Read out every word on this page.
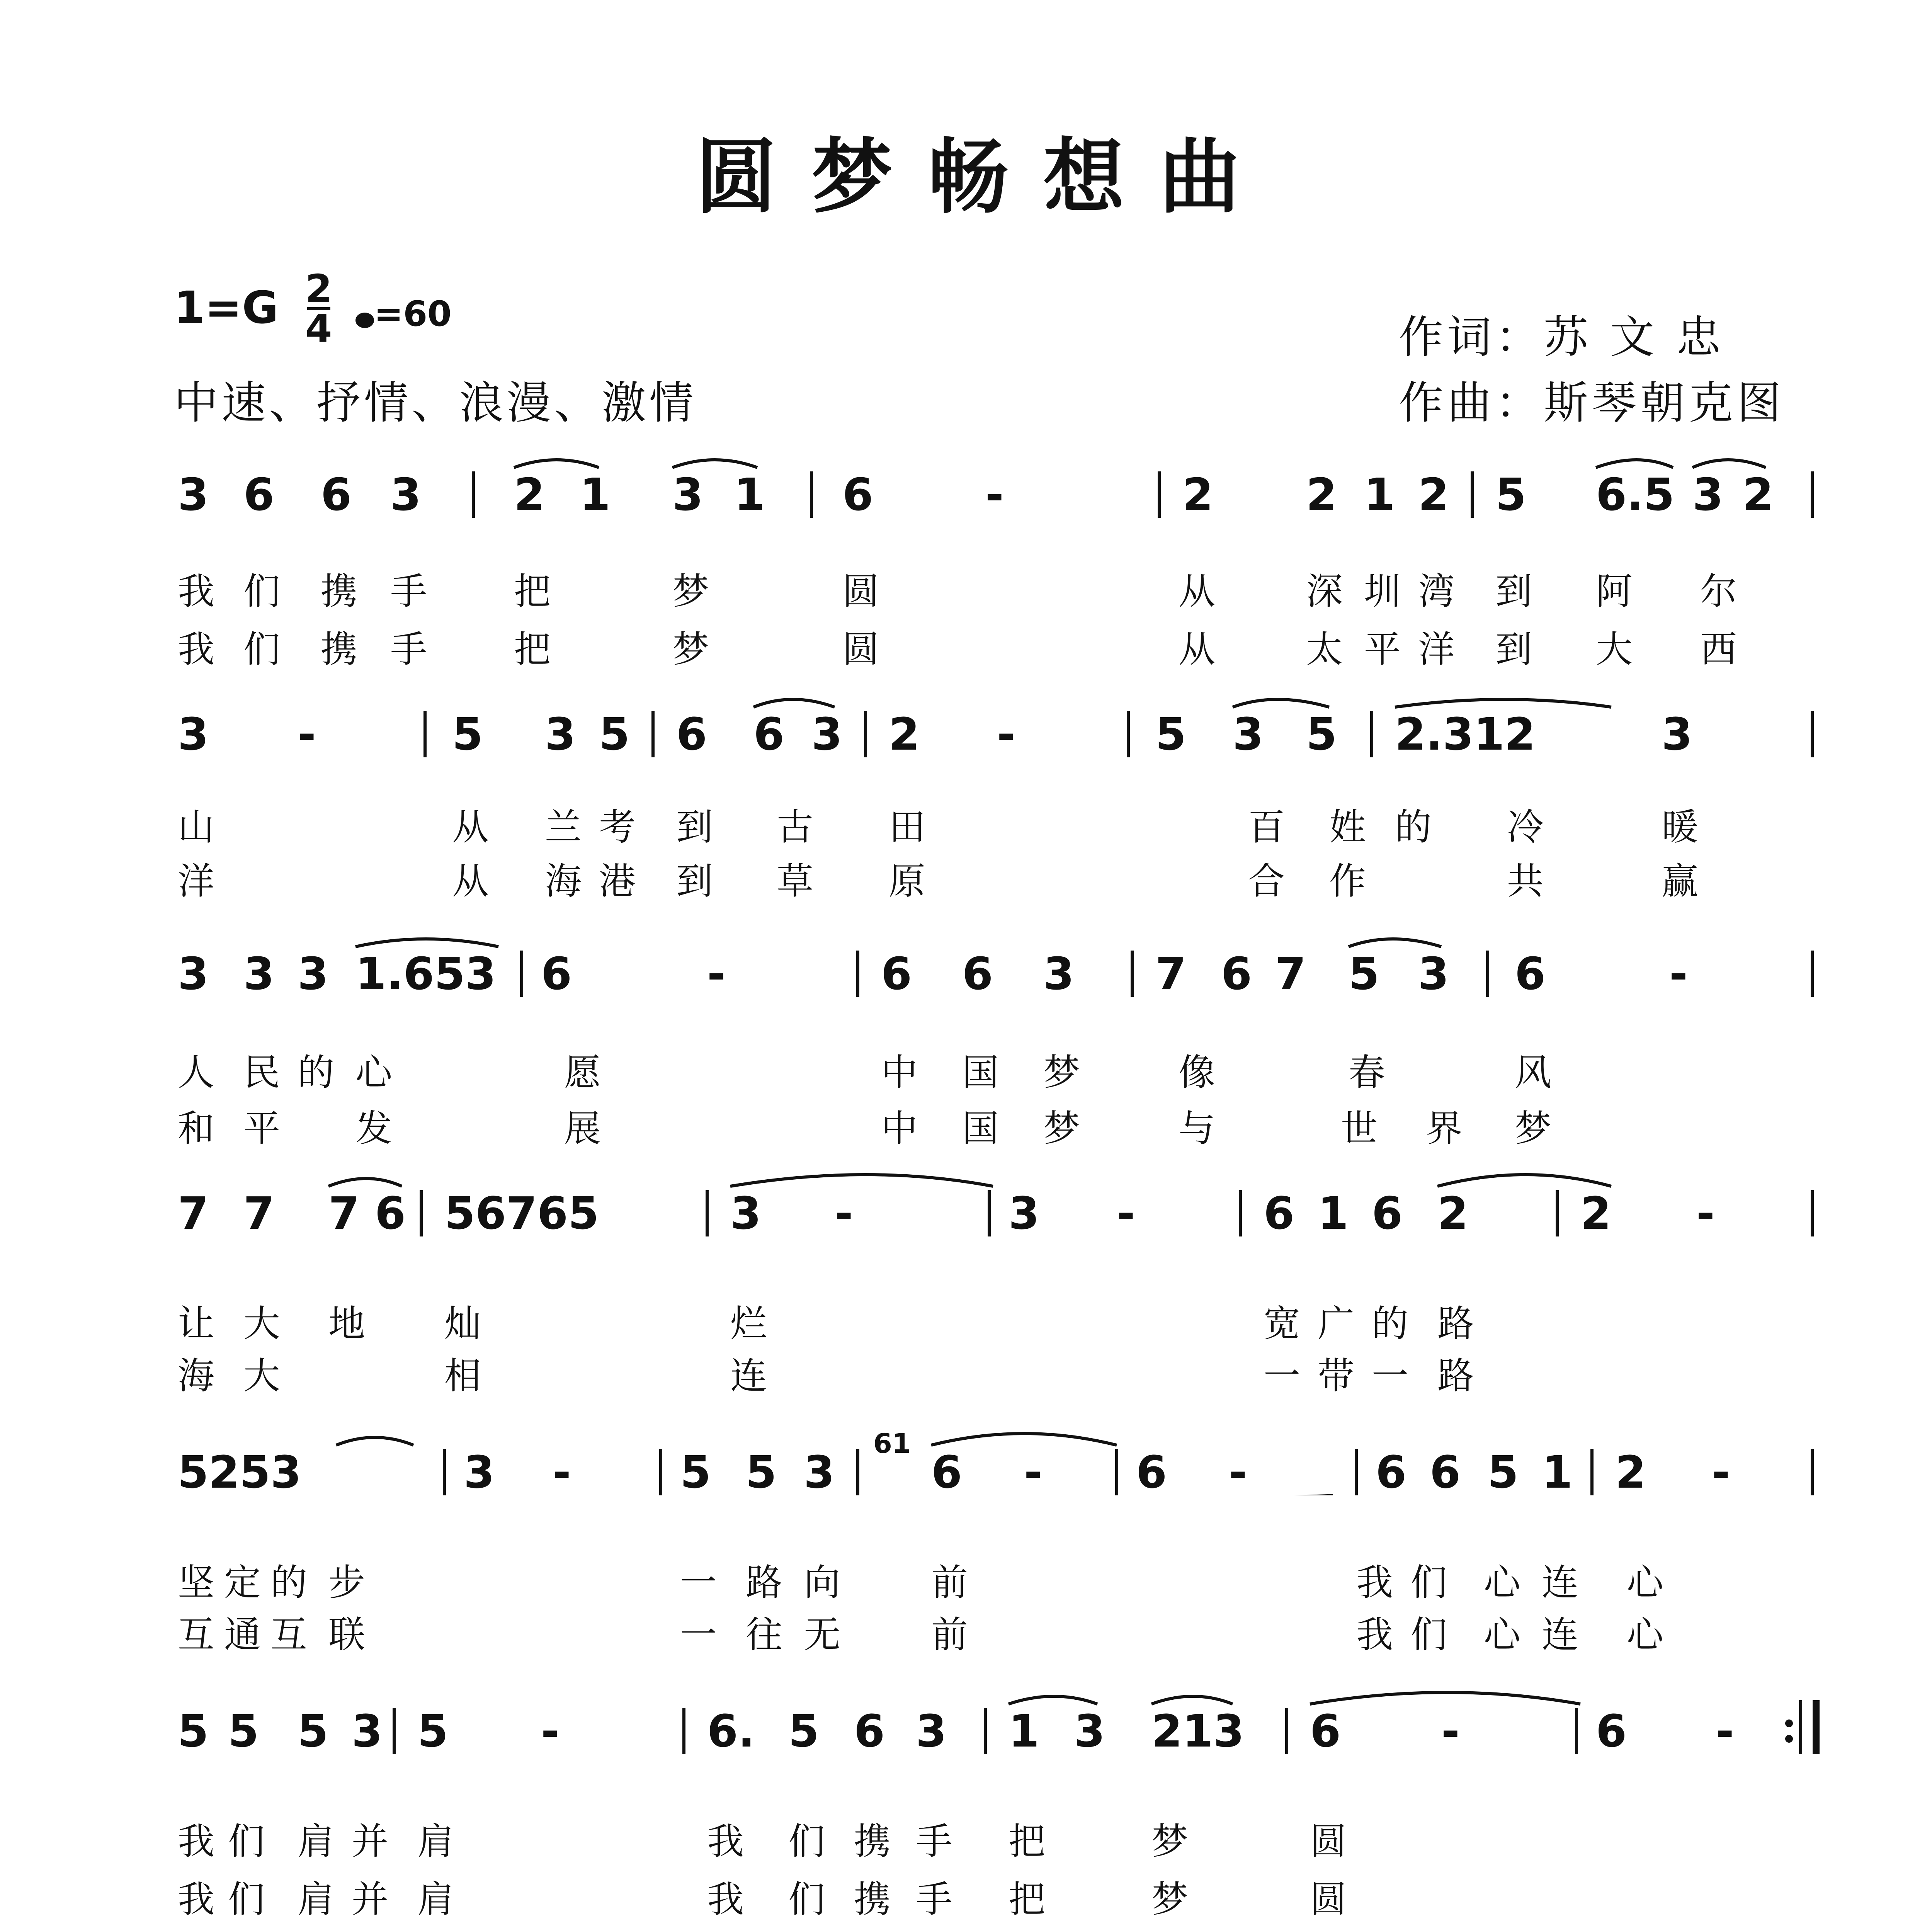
圆梦畅想曲
1=G 2
4	=60
中速、抒情、浪漫、激情
作词：苏 文 忠
作曲：斯琴朝克图
3 6 6 3 2 1 3 1 6	-	2 2 1 2 5 6.5 3 2
我 们 携 手 把	梦	圆	从 深 圳 湾 到 阿 尔
我 们 携 手 把	梦	圆	从 太 平 洋 到 大 西
3 -	5 3 5 6 6 3 2 -	5 3 5 2.312	3
山	从 兰 考 到 古 田	百 姓 的 冷	暖
洋	从 海 港 到 草 原	合 作	共	赢
3 3 3 1.653 6	-	6 6 3 7 6 7 5 3 6	-
人 民 的 心	愿	中 国 梦	像	春	风
和 平 发	展	中 国 梦	与	世 界 梦
7 7 7 6 56765	3 -	3 -	6 1 6 2	2 -
让 大 地 灿	烂	宽 广 的 路
海 大	相	连	一 带 一 路
5253	3 - 5 5 3
61
6 - 6 -	6 6 5 1 2 -
坚 定 的 步	一 路 向 前	我 们 心 连 心
互 通 互 联	一 往 无 前	我 们 心 连 心
5 5 5 3 5 -	6. 5 6 3 1 3 213 6 -	6 -
我 们 肩 并 肩	我 们 携 手 把	梦	圆
我 们 肩 并 肩	我 们 携 手 把	梦	圆
